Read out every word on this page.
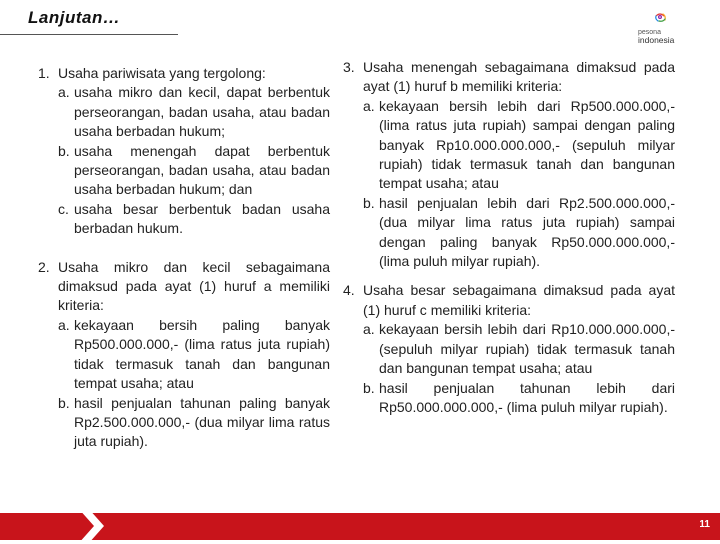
Lanjutan…
pesona
indonesia
1. Usaha pariwisata yang tergolong:
a. usaha mikro dan kecil, dapat berbentuk perseorangan, badan usaha, atau badan usaha berbadan hukum;
b. usaha menengah dapat berbentuk perseorangan, badan usaha, atau badan usaha berbadan hukum; dan
c. usaha besar berbentuk badan usaha berbadan hukum.
2. Usaha mikro dan kecil sebagaimana dimaksud pada ayat (1) huruf a memiliki kriteria:
a. kekayaan bersih paling banyak Rp500.000.000,- (lima ratus juta rupiah) tidak termasuk tanah dan bangunan tempat usaha; atau
b. hasil penjualan tahunan paling banyak Rp2.500.000.000,- (dua milyar lima ratus juta rupiah).
3. Usaha menengah sebagaimana dimaksud pada ayat (1) huruf b memiliki kriteria:
a. kekayaan bersih lebih dari Rp500.000.000,- (lima ratus juta rupiah) sampai dengan paling banyak Rp10.000.000.000,- (sepuluh milyar rupiah) tidak termasuk tanah dan bangunan tempat usaha; atau
b. hasil penjualan lebih dari Rp2.500.000.000,- (dua milyar lima ratus juta rupiah) sampai dengan paling banyak Rp50.000.000.000,- (lima puluh milyar rupiah).
4. Usaha besar sebagaimana dimaksud pada ayat (1) huruf c memiliki kriteria:
a. kekayaan bersih lebih dari Rp10.000.000.000,- (sepuluh milyar rupiah) tidak termasuk tanah dan bangunan tempat usaha; atau
b. hasil penjualan tahunan lebih dari Rp50.000.000.000,- (lima puluh milyar rupiah).
11
